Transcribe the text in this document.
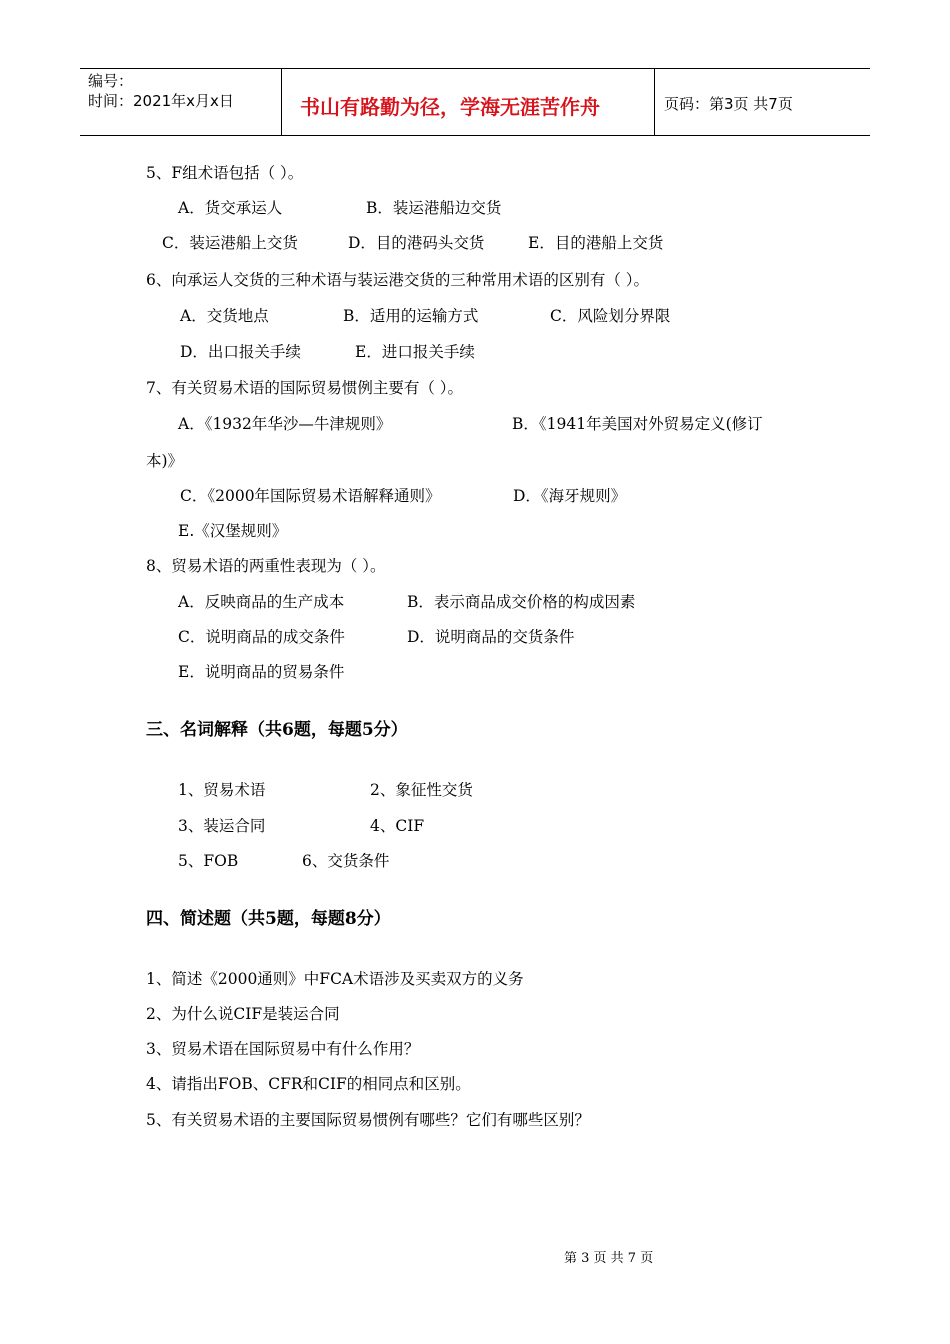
编号：
时间：2021年x月x日	书山有路勤为径，学海无涯苦作舟	页码：第3页 共7页
5、F组术语包括（ ）。
A．货交承运人	B．装运港船边交货
C．装运港船上交货	D．目的港码头交货	E．目的港船上交货
6、向承运人交货的三种术语与装运港交货的三种常用术语的区别有（ ）。
A．交货地点	B．适用的运输方式	C．风险划分界限
D．出口报关手续	E．进口报关手续
7、有关贸易术语的国际贸易惯例主要有（ ）。
A．《1932年华沙—牛津规则》	B．《1941年美国对外贸易定义(修订
本)》
C．《2000年国际贸易术语解释通则》	D．《海牙规则》
E.《汉堡规则》
8、贸易术语的两重性表现为（ ）。
A．反映商品的生产成本	B．表示商品成交价格的构成因素
C．说明商品的成交条件	D．说明商品的交货条件
E．说明商品的贸易条件
三、名词解释（共6题，每题5分）
1、贸易术语	2、象征性交货
3、装运合同	4、CIF
5、FOB	6、交货条件
四、简述题（共5题，每题8分）
1、简述《2000通则》中FCA术语涉及买卖双方的义务
2、为什么说CIF是装运合同
3、贸易术语在国际贸易中有什么作用？
4、请指出FOB、CFR和CIF的相同点和区别。
5、有关贸易术语的主要国际贸易惯例有哪些？它们有哪些区别？
第 3 页 共 7 页
